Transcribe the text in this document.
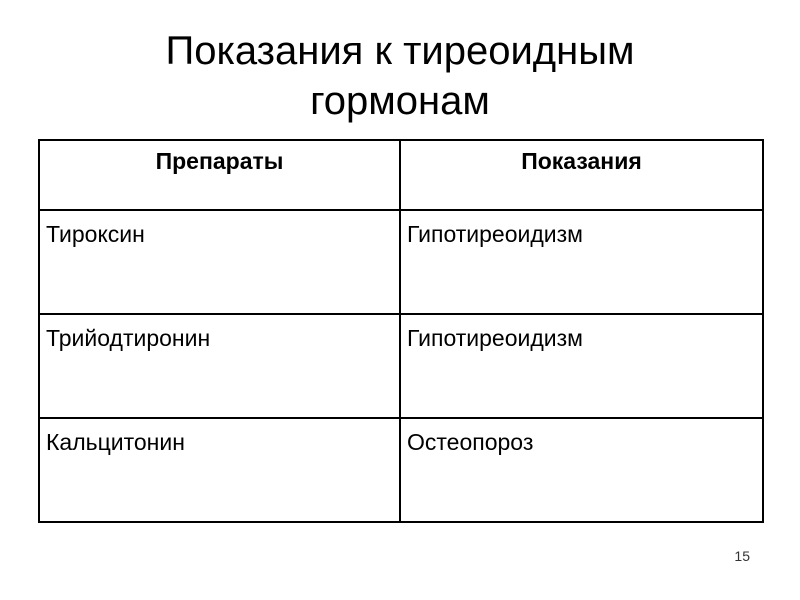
Показания к тиреоидным
гормонам
Препараты	Показания
Тироксин	Гипотиреоидизм
Трийодтиронин	Гипотиреоидизм
Кальцитонин	Остеопороз
15
